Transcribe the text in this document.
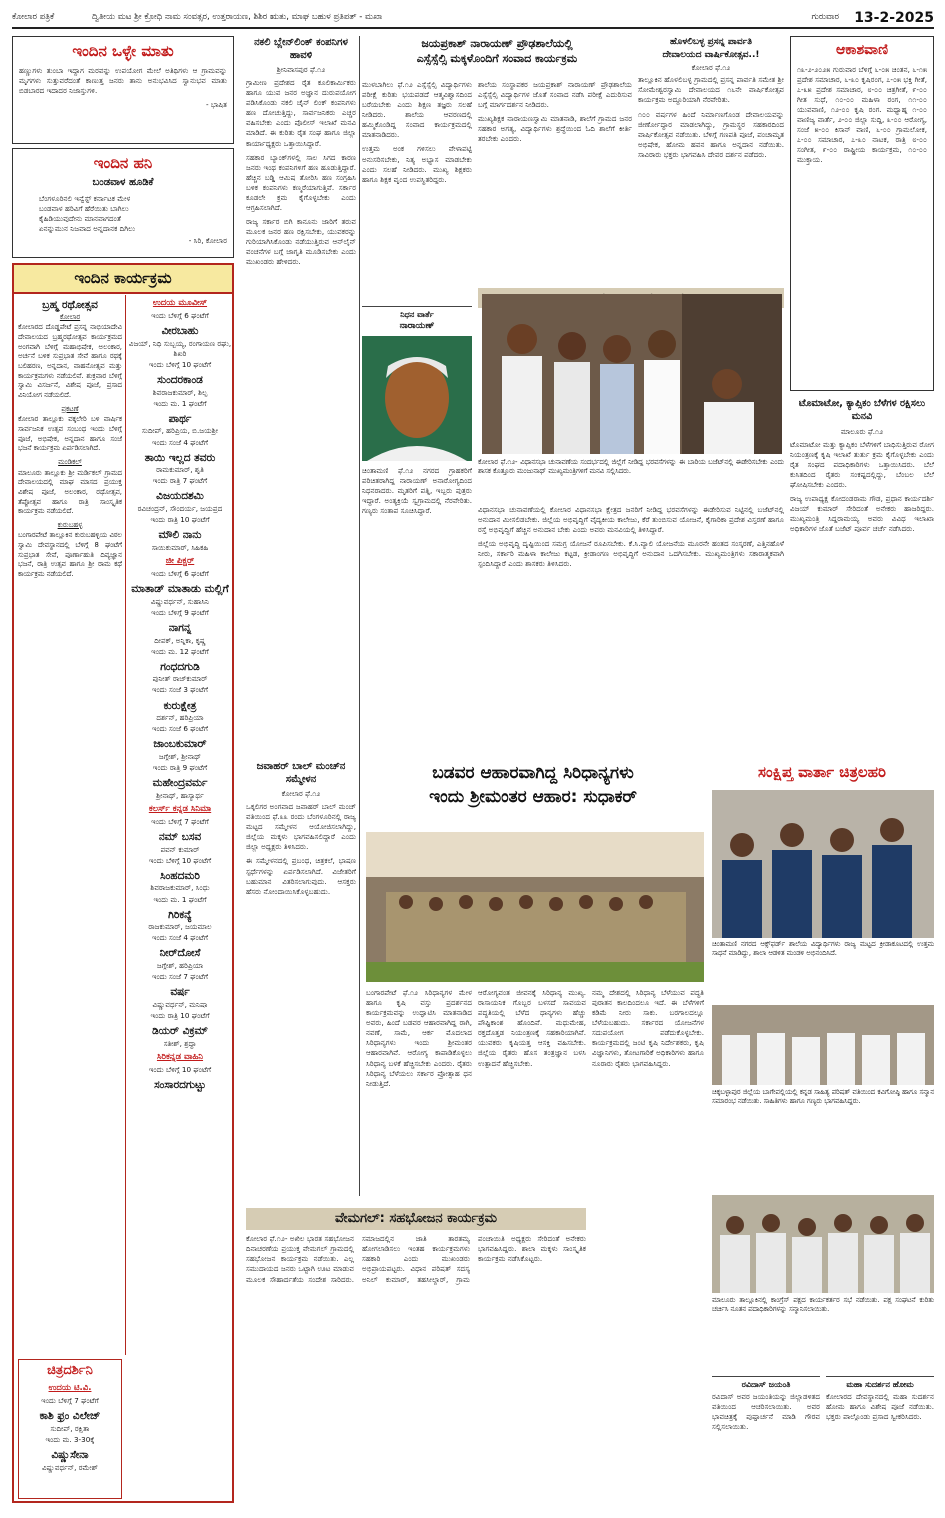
ಕೋಲಾರ ಪತ್ರಿಕೆ	ದ್ವಿತೀಯ ಮಟ ಶ್ರೀ ಕ್ರೋಧಿ ನಾಮ ಸಂವತ್ಸರ, ಉತ್ತರಾಯಣ, ಶಿಶಿರ ಋತು, ಮಾಘ ಬಹುಳ ಪ್ರತಿಪತ್ - ಮಖಾ	ಗುರುವಾರ 13-2-2025
ಇಂದಿನ ಒಳ್ಳೇ ಮಾತು

ಹಣ್ಣುಗಳು ತುಂಬಾ ಇದ್ದಾಗ ಮರವನ್ನು ಉಪಯೋಗ ಮೇಲೆ ಅತಿಥಿಗಳು ಆ ಗ್ರಾಮವನ್ನು ಮೃಗಗಳು ಸುತ್ತುವರೆದಂತೆ ಕಾಣುತ್ತ ಜನರು ತಾನು ಅನುಭವಿಸಿದ ಸ್ವಾನುಭವ ಮಾತು ಬಿಡಬಾರದ ಇದಾದರ ನಿಜಾಸ್ತುಗಳಿ.

- ಭಾಷಿತ
ಇಂದಿನ ಹನಿ
ಬಂಡವಾಳ ಹೂಡಿಕೆ
ಬೆಂಗಳೂರಿನಲಿ ಇನ್ವೆಸ್ಟ್ ಕರ್ನಾಟಕ ಮೇಳ
ಬಂಡವಾಳ ಹರಿವಿಗೆ ಹೆರೆಯಿತು ಬಾಗಿಲು
ಕೈಹಿಡಿಯುವುದೇನು ಮಾನವಾಗದಂತೆ
ಏನನ್ನುಮುನ ನಿಜವಾದ ಅನ್ನದಾನಕ ದಿಗಿಲು
- ಸಿರಿ, ಕೋಲಾರ
ಇಂದಿನ ಕಾರ್ಯಕ್ರಮ
ಬ್ರಹ್ಮ ರಥೋತ್ಸವ
ಕೋಲಾರ

ಕೋಲಾರದ ದೊಡ್ಡಪೇಟೆ ಪ್ರಸನ್ನ ನಾಭಿಯಾದೇವಿ ದೇವಾಲಯದ ಬ್ರಹ್ಮರಥೋತ್ಸವ ಕಾರ್ಯಕ್ರಮದ ಅಂಗವಾಗಿ ಬೆಳಿಗ್ಗೆ ಮಹಾಭಿಷೇಕ, ಅಲಂಕಾರ, ಅರ್ಚನೆ ಬಳಿಕ ಸುಪ್ರಭಾತ ಸೇವೆ ಹಾಗೂ ರಥಕ್ಕೆ ಬಲಿಹರಣ, ಅನ್ನದಾನ, ವಾಹನೋತ್ಸವ ಮತ್ತು ಕಾರ್ಯಕ್ರಮಗಳು ನಡೆಯಲಿವೆ. ಶುಕ್ರವಾರ ಬೆಳಿಗ್ಗೆ ಸ್ವಾಮಿ ವಿಸರ್ಜನೆ, ವಿಶೇಷ ಪೂಜೆ, ಪ್ರಸಾದ ವಿನಿಯೋಗ ನಡೆಯಲಿದೆ.

ಪ್ರಕಟಣೆ

ಕೋಲಾರ ತಾಲ್ಲೂಕು ವಕ್ಕಲೇರಿ ಬಳಿ ವಾರ್ಷಿಕ ಸಾರ್ವಜನಿಕ ಉತ್ಸವ ಸಂಬಂಧ ಇಂದು ಬೆಳಿಗ್ಗೆ ಪೂಜೆ, ಅಭಿಷೇಕ, ಅನ್ನದಾನ ಹಾಗೂ ಸಂಜೆ ಭಜನೆ ಕಾರ್ಯಕ್ರಮ ಏರ್ಪಡಿಸಲಾಗಿದೆ.

ಮಂಡಿಕಲ್

ಮಾಲೂರು ತಾಲ್ಲೂಕು ಶ್ರೀ ಮರ್ಡಿಕಲ್ ಗ್ರಾಮದ ದೇವಾಲಯದಲ್ಲಿ ಮಾಘ ಮಾಸದ ಪ್ರಯುಕ್ತ ವಿಶೇಷ ಪೂಜೆ, ಅಲಂಕಾರ, ರಥೋತ್ಸವ, ತೆಪ್ಪೋತ್ಸವ ಹಾಗೂ ರಾತ್ರಿ ಸಾಂಸ್ಕೃತಿಕ ಕಾರ್ಯಕ್ರಮ ನಡೆಯಲಿದೆ.

ಕುರುಬಹಳ್ಳ

ಬಂಗಾರಪೇಟೆ ತಾಲ್ಲೂಕಿನ ಕುರುಬಹಳ್ಳಿಯ ವಿಠಲ ಸ್ವಾಮಿ ದೇವಸ್ಥಾನದಲ್ಲಿ ಬೆಳಿಗ್ಗೆ 8 ಘಂಟೆಗೆ ಸುಪ್ರಭಾತ ಸೇವೆ, ಪೂರ್ಣಾಹುತಿ ದಿವ್ಯಜ್ಞಾನ ಭಜನೆ, ರಾತ್ರಿ ಉತ್ಸವ ಹಾಗೂ ಶ್ರೀ ರಾಮ ಕಥೆ ಕಾರ್ಯಕ್ರಮ ನಡೆಯಲಿದೆ.

ಉದಯ ಮೂವೀಸ್
ಇಂದು ಬೆಳಿಗ್ಗೆ 6 ಘಂಟೆಗೆ
ವೀರಬಾಹು
ವಿಜಯ್, ನಿಧಿ ಸುಬ್ಬಯ್ಯ, ರಂಗಾಯಣ ರಘು, ಶಿಖರಿ
ಇಂದು ಬೆಳಿಗ್ಗೆ 10 ಘಂಟೆಗೆ
ಸುಂದರಕಾಂಡ
ಶಿವರಾಜಕುಮಾರ್, ಶಿಲ್ಪ
ಇಂದು ಮ. 1 ಘಂಟೆಗೆ
ಪಾರ್ಥ
ಸುದೀಪ್, ಹರಿಪ್ರಿಯ, ಬಿ.ಜಯಶ್ರೀ
ಇಂದು ಸಂಜೆ 4 ಘಂಟೆಗೆ
ತಾಯಿ ಇಲ್ಲದ ತವರು
ರಾಮಕುಮಾರ್, ಶೃತಿ
ಇಂದು ರಾತ್ರಿ 7 ಘಂಟೆಗೆ
ವಿಜಯದಶಮಿ
ರವಿಚಂದ್ರನ್, ಸೌಂದರ್ಯ, ಜಯಪ್ರದ
ಇಂದು ರಾತ್ರಿ 10 ಘಂಟೆಗೆ
ಮೌಲಿ ನಾನು
ಸಾಯಿಕುಮಾರ್, ಸಿಹಿಕಹಿ
ಜೀ ಪಿಕ್ಚರ್
ಇಂದು ಬೆಳಿಗ್ಗೆ 6 ಘಂಟೆಗೆ
ಮಾತಾಡ್ ಮಾತಾಡು ಮಲ್ಲಿಗೆ
ವಿಷ್ಣುವರ್ಧನ್, ಸುಹಾಸಿನಿ
ಇಂದು ಬೆಳಿಗ್ಗೆ 9 ಘಂಟೆಗೆ
ನಾಗನ್ನ
ದೀಪಕ್, ಅನ್ನಿಕಾ, ಕೃಷ್ಣ
ಇಂದು ಮ. 12 ಘಂಟೆಗೆ
ಗಂಧದಗುಡಿ
ಪುನೀತ್ ರಾಜ್‌ಕುಮಾರ್
ಇಂದು ಸಂಜೆ 3 ಘಂಟೆಗೆ
ಕುರುಕ್ಷೇತ್ರ
ದರ್ಶನ್, ಹರಿಪ್ರಿಯಾ
ಇಂದು ಸಂಜೆ 6 ಘಂಟೆಗೆ
ಜಾಂಬಕುಮಾರ್
ಜಗ್ಗೇಶ್, ಶ್ರೀನಾಥ್
ಇಂದು ರಾತ್ರಿ 9 ಘಂಟೆಗೆ
ಮಹೇಂದ್ರವರ್ಮ
ಶ್ರೀನಾಥ್, ಹಾಸ್ಯಾರ್ಥ
ಕಲರ್ಸ್ ಕನ್ನಡ ಸಿನಿಮಾ
ಇಂದು ಬೆಳಿಗ್ಗೆ 7 ಘಂಟೆಗೆ
ನಮ್ ಬಸವ
ಪವನ್ ಕುಮಾರ್
ಇಂದು ಬೆಳಿಗ್ಗೆ 10 ಘಂಟೆಗೆ
ಸಿಂಹದಮರಿ
ಶಿವರಾಜಕುಮಾರ್, ಸಿಂಧು
ಇಂದು ಮ. 1 ಘಂಟೆಗೆ
ಗಿರಿಕನ್ಯೆ
ರಾಜಕುಮಾರ್, ಜಯಮಾಲ
ಇಂದು ಸಂಜೆ 4 ಘಂಟೆಗೆ
ನೀರ್‌ದೋಸೆ
ಜಗ್ಗೇಶ್, ಹರಿಪ್ರಿಯಾ
ಇಂದು ಸಂಜೆ 7 ಘಂಟೆಗೆ
ವರ್ಷ
ವಿಷ್ಣುವರ್ಧನ್, ಮನಿಷಾ
ಇಂದು ರಾತ್ರಿ 10 ಘಂಟೆಗೆ
ಡಿಯರ್ ವಿಕ್ರಮ್
ಸತೀಶ್, ಶ್ರದ್ಧಾ
ಸಿರಿಕನ್ನಡ ವಾಹಿನಿ
ಇಂದು ಬೆಳಿಗ್ಗೆ 10 ಘಂಟೆಗೆ
ಸಂಸಾರದಗುಟ್ಟು
ಚಿತ್ರದರ್ಶಿನಿ
ಉದಯ ಟಿ.ವಿ.
ಇಂದು ಬೆಳಿಗ್ಗೆ 7 ಘಂಟೆಗೆ
ಕಾಶಿ ಫ್ರಂ ವಿಲೇಜ್
ಸುದೀಪ್, ರಕ್ಷಿತಾ
ಇಂದು ಮ. 3-30ಕ್ಕೆ
ವಿಷ್ಣುಸೇನಾ
ವಿಷ್ಣುವರ್ಧನ್, ರಮೇಶ್
ನಕಲಿ ಬ್ಲೇನ್‌ಲಿಂಕ್ ಕಂಪನಿಗಳ ಹಾವಳಿ
ಶ್ರೀನಿವಾಸಪುರ ಫೆ.೧೨

ಗ್ರಾಮೀಣ ಪ್ರದೇಶದ ರೈತ ಕೂಲಿಕಾರ್ಮಿಕರು ಹಾಗೂ ಯುವ ಜನರ ಅಜ್ಞಾನ ದುರುಪಯೋಗ ಪಡಿಸಿಕೊಂಡು ನಕಲಿ ಚೈನ್ ಲಿಂಕ್ ಕಂಪನಿಗಳು ಹಣ ದೋಚುತ್ತಿದ್ದು, ಸಾರ್ವಜನಿಕರು ಎಚ್ಚರ ವಹಿಸಬೇಕು ಎಂದು ಪೊಲೀಸ್ ಇಲಾಖೆ ಮನವಿ ಮಾಡಿದೆ. ಈ ಕುರಿತು ರೈತ ಸಂಘ ಹಾಗೂ ಜಿಲ್ಲಾ ಕಾರ್ಯಾಧ್ಯಕ್ಷರು ಒತ್ತಾಯಿಸಿದ್ದಾರೆ.

ಸಹಕಾರ ಬ್ಯಾಂಕ್‌ಗಳಲ್ಲಿ ಸಾಲ ಸಿಗದ ಕಾರಣ ಜನರು ಇಂಥ ಕಂಪನಿಗಳಿಗೆ ಹಣ ಹೂಡುತ್ತಿದ್ದಾರೆ. ಹೆಚ್ಚಿನ ಬಡ್ಡಿ ಆಮಿಷ ತೋರಿಸಿ ಹಣ ಸಂಗ್ರಹಿಸಿ ಬಳಿಕ ಕಂಪನಿಗಳು ಕಣ್ಮರೆಯಾಗುತ್ತಿವೆ. ಸರ್ಕಾರ ಕೂಡಲೇ ಕ್ರಮ ಕೈಗೊಳ್ಳಬೇಕು ಎಂದು ಆಗ್ರಹಿಸಲಾಗಿದೆ.

ರಾಜ್ಯ ಸರ್ಕಾರ ಬಿಗಿ ಕಾನೂನು ಜಾರಿಗೆ ತರುವ ಮೂಲಕ ಜನರ ಹಣ ರಕ್ಷಿಸಬೇಕು, ಯುವಕರನ್ನು ಗುರಿಯಾಗಿಸಿಕೊಂಡು ನಡೆಯುತ್ತಿರುವ ಆನ್‌ಲೈನ್ ವಂಚನೆಗಳ ಬಗ್ಗೆ ಜಾಗೃತಿ ಮೂಡಿಸಬೇಕು ಎಂದು ಮುಖಂಡರು ಹೇಳಿದರು.

ಜವಾಹರ್ ಬಾಲ್ ಮಂಚ್‌ನ ಸಮ್ಮೇಳನ
ಕೋಲಾರ ಫೆ.೧೨

ಒಕ್ಕಲಿಗರ ಅಂಗವಾದ ಜವಾಹರ್ ಬಾಲ್ ಮಂಚ್ ವತಿಯಿಂದ ಫೆ.೩೩ ರಂದು ಬೆಂಗಳೂರಿನಲ್ಲಿ ರಾಜ್ಯ ಮಟ್ಟದ ಸಮ್ಮೇಳನ ಆಯೋಜಿಸಲಾಗಿದ್ದು, ಜಿಲ್ಲೆಯ ಮಕ್ಕಳು ಭಾಗವಹಿಸಲಿದ್ದಾರೆ ಎಂದು ಜಿಲ್ಲಾ ಅಧ್ಯಕ್ಷರು ತಿಳಿಸಿದರು.

ಈ ಸಮ್ಮೇಳನದಲ್ಲಿ ಪ್ರಬಂಧ, ಚಿತ್ರಕಲೆ, ಭಾಷಣ ಸ್ಪರ್ಧೆಗಳನ್ನು ಏರ್ಪಡಿಸಲಾಗಿದೆ. ವಿಜೇತರಿಗೆ ಬಹುಮಾನ ವಿತರಿಸಲಾಗುವುದು. ಆಸಕ್ತರು ಹೆಸರು ನೋಂದಾಯಿಸಿಕೊಳ್ಳಬಹುದು.

ಜಯಪ್ರಕಾಶ್ ನಾರಾಯಣ್ ಪ್ರೌಢಶಾಲೆಯಲ್ಲಿ
ಎಸ್ಸೆಸ್ಸೆಲ್ಸಿ ಮಕ್ಕಳೊಂದಿಗೆ ಸಂವಾದ ಕಾರ್ಯಕ್ರಮ

ಮುಳಬಾಗಿಲು ಫೆ.೧೨ ಎಸ್ಸೆಸ್ಸೆಲ್ಸಿ ವಿದ್ಯಾರ್ಥಿಗಳು ಪರೀಕ್ಷೆ ಕುರಿತು ಭಯಪಡದೆ ಆತ್ಮವಿಶ್ವಾಸದಿಂದ ಬರೆಯಬೇಕು ಎಂದು ಶಿಕ್ಷಣ ತಜ್ಞರು ಸಲಹೆ ನೀಡಿದರು. ಶಾಲೆಯ ಆವರಣದಲ್ಲಿ ಹಮ್ಮಿಕೊಂಡಿದ್ದ ಸಂವಾದ ಕಾರ್ಯಕ್ರಮದಲ್ಲಿ ಮಾತನಾಡಿದರು.

ಉತ್ತಮ ಅಂಕ ಗಳಿಸಲು ವೇಳಾಪಟ್ಟಿ ಅನುಸರಿಸಬೇಕು, ನಿತ್ಯ ಅಭ್ಯಾಸ ಮಾಡಬೇಕು ಎಂದು ಸಲಹೆ ನೀಡಿದರು. ಮುಖ್ಯ ಶಿಕ್ಷಕರು ಹಾಗೂ ಶಿಕ್ಷಕ ವೃಂದ ಉಪಸ್ಥಿತರಿದ್ದರು.

ಶಾಲೆಯ ಸಂಸ್ಥಾಪಕರ ಜಯಪ್ರಕಾಶ್ ನಾರಾಯಣ್ ಪ್ರೌಢಶಾಲೆಯ ಎಸ್ಸೆಸ್ಸೆಲ್ಸಿ ವಿದ್ಯಾರ್ಥಿಗಳ ಜೊತೆ ಸಂವಾದ ನಡೆಸಿ ಪರೀಕ್ಷೆ ಎದುರಿಸುವ ಬಗ್ಗೆ ಮಾರ್ಗದರ್ಶನ ನೀಡಿದರು.

ಮುಖ್ಯಶಿಕ್ಷಕ ನಾರಾಯಣಸ್ವಾಮಿ ಮಾತನಾಡಿ, ಶಾಲೆಗೆ ಗ್ರಾಮದ ಜನರ ಸಹಕಾರ ಅಗತ್ಯ, ವಿದ್ಯಾರ್ಥಿಗಳು ಶ್ರದ್ಧೆಯಿಂದ ಓದಿ ಶಾಲೆಗೆ ಕೀರ್ತಿ ತರಬೇಕು ಎಂದರು.

ನಿಧನ ವಾರ್ತೆ
ನಾರಾಯಣ್

ಚಿಂತಾಮಣಿ ಫೆ.೧೨ ನಗರದ ಗ್ರಾಹಕರಿಗೆ ಪರಿಚಿತರಾಗಿದ್ದ ನಾರಾಯಣ್ ಅನಾರೋಗ್ಯದಿಂದ ನಿಧನರಾದರು. ಮೃತರಿಗೆ ಪತ್ನಿ, ಇಬ್ಬರು ಪುತ್ರರು ಇದ್ದಾರೆ. ಅಂತ್ಯಕ್ರಿಯೆ ಸ್ವಗ್ರಾಮದಲ್ಲಿ ನೆರವೇರಿತು. ಗಣ್ಯರು ಸಂತಾಪ ಸೂಚಿಸಿದ್ದಾರೆ.

ಹೊಳಲಿಬಳ್ಳ ಪ್ರಸನ್ನ ಪಾರ್ವತಿ
ದೇವಾಲಯದ ವಾರ್ಷಿಕೋತ್ಸವ..!
ಕೋಲಾರ ಫೆ.೧೨

ತಾಲ್ಲೂಕಿನ ಹೊಳಲಿಬಳ್ಳ ಗ್ರಾಮದಲ್ಲಿ ಪ್ರಸನ್ನ ಪಾರ್ವತಿ ಸಮೇತ ಶ್ರೀ ಸೋಮೇಶ್ವರಸ್ವಾಮಿ ದೇವಾಲಯದ ೧೬ನೇ ವಾರ್ಷಿಕೋತ್ಸವ ಕಾರ್ಯಕ್ರಮ ಅದ್ದೂರಿಯಾಗಿ ನೆರವೇರಿತು.

೧೦೦ ವರ್ಷಗಳ ಹಿಂದೆ ನಿರ್ಮಾಣಗೊಂಡ ದೇವಾಲಯವನ್ನು ಜೀರ್ಣೋದ್ಧಾರ ಮಾಡಲಾಗಿದ್ದು, ಗ್ರಾಮಸ್ಥರ ಸಹಕಾರದಿಂದ ವಾರ್ಷಿಕೋತ್ಸವ ನಡೆಯಿತು. ಬೆಳಿಗ್ಗೆ ಗಣಪತಿ ಪೂಜೆ, ಪಂಚಾಮೃತ ಅಭಿಷೇಕ, ಹೋಮ ಹವನ ಹಾಗೂ ಅನ್ನದಾನ ನಡೆಯಿತು. ಸಾವಿರಾರು ಭಕ್ತರು ಭಾಗವಹಿಸಿ ದೇವರ ದರ್ಶನ ಪಡೆದರು.

ಕೋಲಾರ ಫೆ.೧೨- ವಿಧಾನಸಭಾ ಚುನಾವಣೆಯ ಸಂದರ್ಭದಲ್ಲಿ ಜಿಲ್ಲೆಗೆ ನೀಡಿದ್ದ ಭರವಸೆಗಳನ್ನು ಈ ಬಾರಿಯ ಬಜೆಟ್‌ನಲ್ಲಿ ಈಡೇರಿಸಬೇಕು ಎಂದು ಶಾಸಕ ಕೊತ್ತೂರು ಮಂಜುನಾಥ್ ಮುಖ್ಯಮಂತ್ರಿಗಳಿಗೆ ಮನವಿ ಸಲ್ಲಿಸಿದರು.

ವಿಧಾನಸಭಾ ಚುನಾವಣೆಯಲ್ಲಿ ಕೋಲಾರ ವಿಧಾನಸಭಾ ಕ್ಷೇತ್ರದ ಜನರಿಗೆ ನೀಡಿದ್ದ ಭರವಸೆಗಳನ್ನು ಈಡೇರಿಸುವ ನಿಟ್ಟಿನಲ್ಲಿ ಬಜೆಟ್‌ನಲ್ಲಿ ಅನುದಾನ ಮೀಸಲಿಡಬೇಕು. ಜಿಲ್ಲೆಯ ಅಭಿವೃದ್ಧಿಗೆ ವೈದ್ಯಕೀಯ ಕಾಲೇಜು, ಕೆರೆ ತುಂಬಿಸುವ ಯೋಜನೆ, ಕೈಗಾರಿಕಾ ಪ್ರದೇಶ ವಿಸ್ತರಣೆ ಹಾಗೂ ರಸ್ತೆ ಅಭಿವೃದ್ಧಿಗೆ ಹೆಚ್ಚಿನ ಅನುದಾನ ಬೇಕು ಎಂದು ಅವರು ಮನವಿಯಲ್ಲಿ ತಿಳಿಸಿದ್ದಾರೆ.

ಜಿಲ್ಲೆಯ ಅಭಿವೃದ್ಧಿ ದೃಷ್ಟಿಯಿಂದ ಸಮಗ್ರ ಯೋಜನೆ ರೂಪಿಸಬೇಕು. ಕೆ.ಸಿ.ವ್ಯಾಲಿ ಯೋಜನೆಯ ಮೂರನೇ ಹಂತದ ಸಂಸ್ಕರಣೆ, ಎತ್ತಿನಹೊಳೆ ನೀರು, ಸರ್ಕಾರಿ ಮಹಿಳಾ ಕಾಲೇಜು ಕಟ್ಟಡ, ಕ್ರೀಡಾಂಗಣ ಅಭಿವೃದ್ಧಿಗೆ ಅನುದಾನ ಒದಗಿಸಬೇಕು. ಮುಖ್ಯಮಂತ್ರಿಗಳು ಸಕಾರಾತ್ಮಕವಾಗಿ ಸ್ಪಂದಿಸಿದ್ದಾರೆ ಎಂದು ಶಾಸಕರು ತಿಳಿಸಿದರು.

ಬಡವರ ಆಹಾರವಾಗಿದ್ದ ಸಿರಿಧಾನ್ಯಗಳು
ಇಂದು ಶ್ರೀಮಂತರ ಆಹಾರ: ಸುಧಾಕರ್

ಬಂಗಾರಪೇಟೆ ಫೆ.೧೨ ಸಿರಿಧಾನ್ಯಗಳ ಮೇಳ ಹಾಗೂ ಕೃಷಿ ವಸ್ತು ಪ್ರದರ್ಶನದ ಕಾರ್ಯಕ್ರಮವನ್ನು ಉದ್ಘಾಟಿಸಿ ಮಾತನಾಡಿದ ಅವರು, ಹಿಂದೆ ಬಡವರ ಆಹಾರವಾಗಿದ್ದ ರಾಗಿ, ನವಣೆ, ಸಾಮೆ, ಆರ್ಕ ಮೊದಲಾದ ಸಿರಿಧಾನ್ಯಗಳು ಇಂದು ಶ್ರೀಮಂತರ ಆಹಾರವಾಗಿವೆ. ಆರೋಗ್ಯ ಕಾಪಾಡಿಕೊಳ್ಳಲು ಸಿರಿಧಾನ್ಯ ಬಳಕೆ ಹೆಚ್ಚಿಸಬೇಕು ಎಂದರು. ರೈತರು ಸಿರಿಧಾನ್ಯ ಬೆಳೆಯಲು ಸರ್ಕಾರ ಪ್ರೋತ್ಸಾಹ ಧನ ನೀಡುತ್ತಿದೆ.

ಆರೋಗ್ಯವಂತ ಜೀವನಕ್ಕೆ ಸಿರಿಧಾನ್ಯ ಮುಖ್ಯ. ರಾಸಾಯನಿಕ ಗೊಬ್ಬರ ಬಳಸದೆ ಸಾವಯವ ಪದ್ಧತಿಯಲ್ಲಿ ಬೆಳೆದ ಧಾನ್ಯಗಳು ಹೆಚ್ಚು ಪೌಷ್ಟಿಕಾಂಶ ಹೊಂದಿವೆ. ಮಧುಮೇಹ, ರಕ್ತದೊತ್ತಡ ನಿಯಂತ್ರಣಕ್ಕೆ ಸಹಕಾರಿಯಾಗಿವೆ. ಯುವಕರು ಕೃಷಿಯತ್ತ ಆಸಕ್ತಿ ವಹಿಸಬೇಕು. ಜಿಲ್ಲೆಯ ರೈತರು ಹೊಸ ತಂತ್ರಜ್ಞಾನ ಬಳಸಿ ಉತ್ಪಾದನೆ ಹೆಚ್ಚಿಸಬೇಕು.

ನಮ್ಮ ದೇಶದಲ್ಲಿ ಸಿರಿಧಾನ್ಯ ಬೆಳೆಯುವ ಪದ್ಧತಿ ಪುರಾತನ ಕಾಲದಿಂದಲೂ ಇದೆ. ಈ ಬೆಳೆಗಳಿಗೆ ಕಡಿಮೆ ನೀರು ಸಾಕು. ಬರಗಾಲದಲ್ಲೂ ಬೆಳೆಯಬಹುದು. ಸರ್ಕಾರದ ಯೋಜನೆಗಳ ಸದುಪಯೋಗ ಪಡೆದುಕೊಳ್ಳಬೇಕು. ಕಾರ್ಯಕ್ರಮದಲ್ಲಿ ಜಂಟಿ ಕೃಷಿ ನಿರ್ದೇಶಕರು, ಕೃಷಿ ವಿಜ್ಞಾನಿಗಳು, ತೋಟಗಾರಿಕೆ ಅಧಿಕಾರಿಗಳು ಹಾಗೂ ನೂರಾರು ರೈತರು ಭಾಗವಹಿಸಿದ್ದರು.

ವೇಮಗಲ್: ಸಹಭೋಜನ ಕಾರ್ಯಕ್ರಮ

ಕೋಲಾರ ಫೆ.೧೨- ಅಖಿಲ ಭಾರತ ಸಹಭೋಜನ ದಿನಾಚರಣೆಯ ಪ್ರಯುಕ್ತ ವೇಮಗಲ್ ಗ್ರಾಮದಲ್ಲಿ ಸಹಭೋಜನ ಕಾರ್ಯಕ್ರಮ ನಡೆಯಿತು. ಎಲ್ಲ ಸಮುದಾಯದ ಜನರು ಒಟ್ಟಾಗಿ ಊಟ ಮಾಡುವ ಮೂಲಕ ಸೌಹಾರ್ದತೆಯ ಸಂದೇಶ ಸಾರಿದರು. ಸಮಾಜದಲ್ಲಿನ ಜಾತಿ ತಾರತಮ್ಯ ಹೋಗಲಾಡಿಸಲು ಇಂತಹ ಕಾರ್ಯಕ್ರಮಗಳು ಸಹಕಾರಿ ಎಂದು ಮುಖಂಡರು ಅಭಿಪ್ರಾಯಪಟ್ಟರು. ವಿಧಾನ ಪರಿಷತ್ ಸದಸ್ಯ ಅನಿಲ್ ಕುಮಾರ್, ತಹಸೀಲ್ದಾರ್, ಗ್ರಾಮ ಪಂಚಾಯಿತಿ ಅಧ್ಯಕ್ಷರು ಸೇರಿದಂತೆ ಅನೇಕರು ಭಾಗವಹಿಸಿದ್ದರು. ಶಾಲಾ ಮಕ್ಕಳು ಸಾಂಸ್ಕೃತಿಕ ಕಾರ್ಯಕ್ರಮ ನಡೆಸಿಕೊಟ್ಟರು.

ಆಕಾಶವಾಣಿ

೧೩-೨-೨೦೨೫ ಗುರುವಾರ ಬೆಳಿಗ್ಗೆ ೬-೦೫ ಚಿಂತನ, ೬-೧೫ ಪ್ರದೇಶ ಸಮಾಚಾರ, ೬-೩೦ ಕೃಷಿರಂಗ, ೭-೦೫ ಭಕ್ತಿ ಗೀತೆ, ೭-೩೫ ಪ್ರದೇಶ ಸಮಾಚಾರ, ೮-೦೦ ಚಿತ್ರಗೀತೆ, ೯-೦೦ ಗೀತ ಸುಧೆ, ೧೦-೦೦ ಮಹಿಳಾ ರಂಗ, ೧೧-೦೦ ಯುವವಾಣಿ, ೧೨-೦೦ ಕೃಷಿ ರಂಗ. ಮಧ್ಯಾಹ್ನ ೧-೦೦ ವಾಣಿಜ್ಯ ವಾರ್ತೆ, ೨-೦೦ ಜಿಲ್ಲಾ ಸುದ್ದಿ, ೩-೦೦ ಆರೋಗ್ಯ, ಸಂಜೆ ೫-೦೦ ಕಿಸಾನ್ ವಾಣಿ, ೬-೦೦ ಗ್ರಾಮಲೋಕ, ೭-೦೦ ಸಮಾಚಾರ, ೭-೩೦ ನಾಟಕ, ರಾತ್ರಿ ೮-೦೦ ಸಂಗೀತ, ೯-೦೦ ರಾಷ್ಟ್ರೀಯ ಕಾರ್ಯಕ್ರಮ, ೧೦-೦೦ ಮುಕ್ತಾಯ.

ಟೊಮಾಟೋ, ಕ್ಯಾಪ್ಸಿಕಂ ಬೆಳೆಗಳ ರಕ್ಷಿಸಲು ಮನವಿ
ಮಾಲೂರು ಫೆ.೧೨

ಟೊಮಾಟೋ ಮತ್ತು ಕ್ಯಾಪ್ಸಿಕಂ ಬೆಳೆಗಳಿಗೆ ಬಾಧಿಸುತ್ತಿರುವ ರೋಗ ನಿಯಂತ್ರಣಕ್ಕೆ ಕೃಷಿ ಇಲಾಖೆ ತುರ್ತು ಕ್ರಮ ಕೈಗೊಳ್ಳಬೇಕು ಎಂದು ರೈತ ಸಂಘದ ಪದಾಧಿಕಾರಿಗಳು ಒತ್ತಾಯಿಸಿದರು. ಬೆಲೆ ಕುಸಿತದಿಂದ ರೈತರು ಸಂಕಷ್ಟದಲ್ಲಿದ್ದು, ಬೆಂಬಲ ಬೆಲೆ ಘೋಷಿಸಬೇಕು ಎಂದರು.

ರಾಜ್ಯ ಉಪಾಧ್ಯಕ್ಷ ಕೋದಂಡರಾಮ ಗೌಡ, ಪ್ರಧಾನ ಕಾರ್ಯದರ್ಶಿ ವಿಜಯ್ ಕುಮಾರ್ ಸೇರಿದಂತೆ ಅನೇಕರು ಹಾಜರಿದ್ದರು. ಮುಖ್ಯಮಂತ್ರಿ ಸಿದ್ದರಾಮಯ್ಯ ಅವರು ವಿವಿಧ ಇಲಾಖಾ ಅಧಿಕಾರಿಗಳ ಜೊತೆ ಬಜೆಟ್ ಪೂರ್ವ ಚರ್ಚೆ ನಡೆಸಿದರು.

ಸಂಕ್ಷಿಪ್ತ ವಾರ್ತಾ ಚಿತ್ರಲಹರಿ
ಚಿಂತಾಮಣಿ ನಗರದ ಆಕ್ಸ್‌ಫರ್ಡ್ ಶಾಲೆಯ ವಿದ್ಯಾರ್ಥಿಗಳು ರಾಜ್ಯ ಮಟ್ಟದ ಕ್ರೀಡಾಕೂಟದಲ್ಲಿ ಉತ್ತಮ ಸಾಧನೆ ಮಾಡಿದ್ದು, ಶಾಲಾ ಆಡಳಿತ ಮಂಡಳಿ ಅಭಿನಂದಿಸಿದೆ.
ಚಿಕ್ಕಬಳ್ಳಾಪುರ ಜಿಲ್ಲೆಯ ಬಾಗೇಪಲ್ಲಿಯಲ್ಲಿ ಕನ್ನಡ ಸಾಹಿತ್ಯ ಪರಿಷತ್ ವತಿಯಿಂದ ಕವಿಗೋಷ್ಠಿ ಹಾಗೂ ಸನ್ಮಾನ ಸಮಾರಂಭ ನಡೆಯಿತು. ಸಾಹಿತಿಗಳು ಹಾಗೂ ಗಣ್ಯರು ಭಾಗವಹಿಸಿದ್ದರು.
ಮಾಲೂರು ತಾಲ್ಲೂಕಿನಲ್ಲಿ ಕಾಂಗ್ರೆಸ್ ಪಕ್ಷದ ಕಾರ್ಯಕರ್ತರ ಸಭೆ ನಡೆಯಿತು. ಪಕ್ಷ ಸಂಘಟನೆ ಕುರಿತು ಚರ್ಚಿಸಿ ನೂತನ ಪದಾಧಿಕಾರಿಗಳನ್ನು ಸನ್ಮಾನಿಸಲಾಯಿತು.
ರವಿದಾಸ್ ಜಯಂತಿ

ರವಿದಾಸ್ ಅವರ ಜಯಂತಿಯನ್ನು ಜಿಲ್ಲಾಡಳಿತದ ವತಿಯಿಂದ ಆಚರಿಸಲಾಯಿತು. ಅವರ ಭಾವಚಿತ್ರಕ್ಕೆ ಪುಷ್ಪಾರ್ಚನೆ ಮಾಡಿ ಗೌರವ ಸಲ್ಲಿಸಲಾಯಿತು.

ಮಹಾ ಸುದರ್ಶನ ಹೋಮ

ಕೋಲಾರದ ದೇವಸ್ಥಾನದಲ್ಲಿ ಮಹಾ ಸುದರ್ಶನ ಹೋಮ ಹಾಗೂ ವಿಶೇಷ ಪೂಜೆ ನಡೆಯಿತು. ಭಕ್ತರು ಪಾಲ್ಗೊಂಡು ಪ್ರಸಾದ ಸ್ವೀಕರಿಸಿದರು.
